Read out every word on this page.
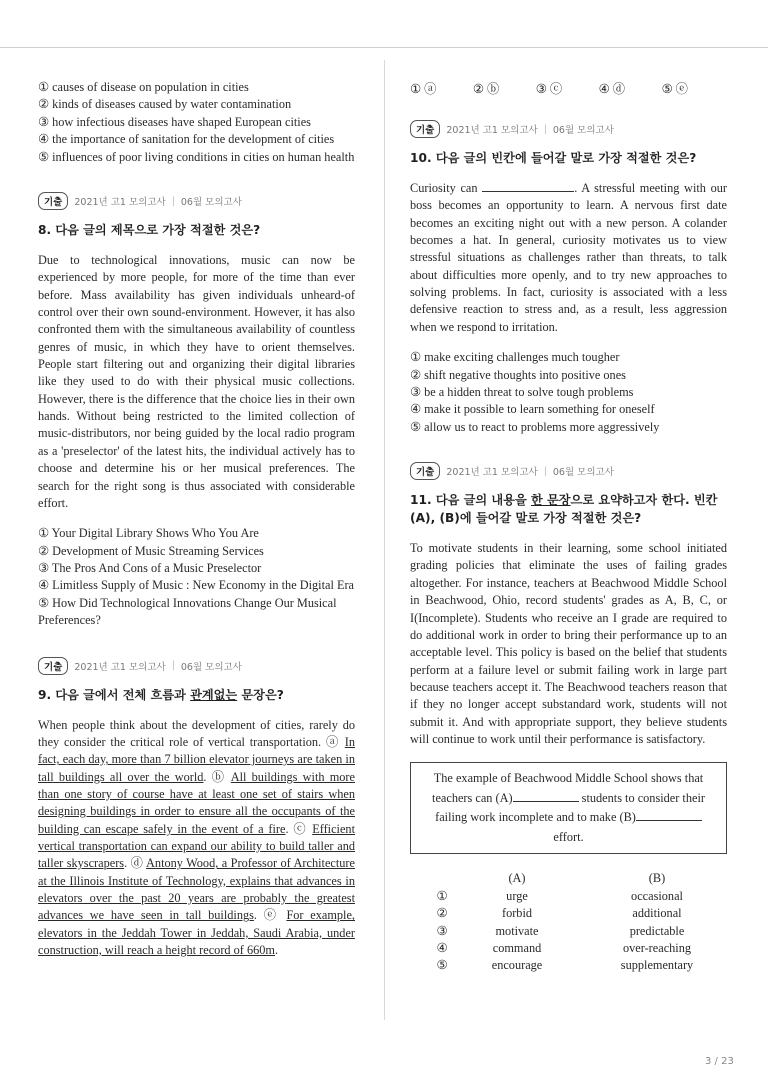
① causes of disease on population in cities
② kinds of diseases caused by water contamination
③ how infectious diseases have shaped European cities
④ the importance of sanitation for the development of cities
⑤ influences of poor living conditions in cities on human health
기출	2021년 고1 모의고사 | 06월 모의고사
8. 다음 글의 제목으로 가장 적절한 것은?
Due to technological innovations, music can now be experienced by more people, for more of the time than ever before. Mass availability has given individuals unheard-of control over their own sound-environment. However, it has also confronted them with the simultaneous availability of countless genres of music, in which they have to orient themselves. People start filtering out and organizing their digital libraries like they used to do with their physical music collections. However, there is the difference that the choice lies in their own hands. Without being restricted to the limited collection of music-distributors, nor being guided by the local radio program as a 'preselector' of the latest hits, the individual actively has to choose and determine his or her musical preferences. The search for the right song is thus associated with considerable effort.
① Your Digital Library Shows Who You Are
② Development of Music Streaming Services
③ The Pros And Cons of a Music Preselector
④ Limitless Supply of Music : New Economy in the Digital Era
⑤ How Did Technological Innovations Change Our Musical Preferences?
기출	2021년 고1 모의고사 | 06월 모의고사
9. 다음 글에서 전체 흐름과 관계없는 문장은?
When people think about the development of cities, rarely do they consider the critical role of vertical transportation. ⓐ In fact, each day, more than 7 billion elevator journeys are taken in tall buildings all over the world. ⓑ All buildings with more than one story of course have at least one set of stairs when designing buildings in order to ensure all the occupants of the building can escape safely in the event of a fire. ⓒ Efficient vertical transportation can expand our ability to build taller and taller skyscrapers. ⓓ Antony Wood, a Professor of Architecture at the Illinois Institute of Technology, explains that advances in elevators over the past 20 years are probably the greatest advances we have seen in tall buildings. ⓔ For example, elevators in the Jeddah Tower in Jeddah, Saudi Arabia, under construction, will reach a height record of 660m.
① ⓐ	② ⓑ	③ ⓒ	④ ⓓ	⑤ ⓔ
기출	2021년 고1 모의고사 | 06월 모의고사
10. 다음 글의 빈칸에 들어갈 말로 가장 적절한 것은?
Curiosity can	. A stressful meeting with our boss becomes an opportunity to learn. A nervous first date becomes an exciting night out with a new person. A colander becomes a hat. In general, curiosity motivates us to view stressful situations as challenges rather than threats, to talk about difficulties more openly, and to try new approaches to solving problems. In fact, curiosity is associated with a less defensive reaction to stress and, as a result, less aggression when we respond to irritation.
① make exciting challenges much tougher
② shift negative thoughts into positive ones
③ be a hidden threat to solve tough problems
④ make it possible to learn something for oneself
⑤ allow us to react to problems more aggressively
기출	2021년 고1 모의고사 | 06월 모의고사
11. 다음 글의 내용을 한 문장으로 요약하고자 한다. 빈칸 (A), (B)에 들어갈 말로 가장 적절한 것은?
To motivate students in their learning, some school initiated grading policies that eliminate the uses of failing grades altogether. For instance, teachers at Beachwood Middle School in Beachwood, Ohio, record students' grades as A, B, C, or I(Incomplete). Students who receive an I grade are required to do additional work in order to bring their performance up to an acceptable level. This policy is based on the belief that students perform at a failure level or submit failing work in large part because teachers accept it. The Beachwood teachers reason that if they no longer accept substandard work, students will not submit it. And with appropriate support, they believe students will continue to work until their performance is satisfactory.
The example of Beachwood Middle School shows that
teachers can (A)	students to consider their
failing work incomplete and to make (B)
effort.
	(A)		(B)
①	urge		occasional
②	forbid		additional
③	motivate		predictable
④	command		over-reaching
⑤	encourage		supplementary
3 / 23
